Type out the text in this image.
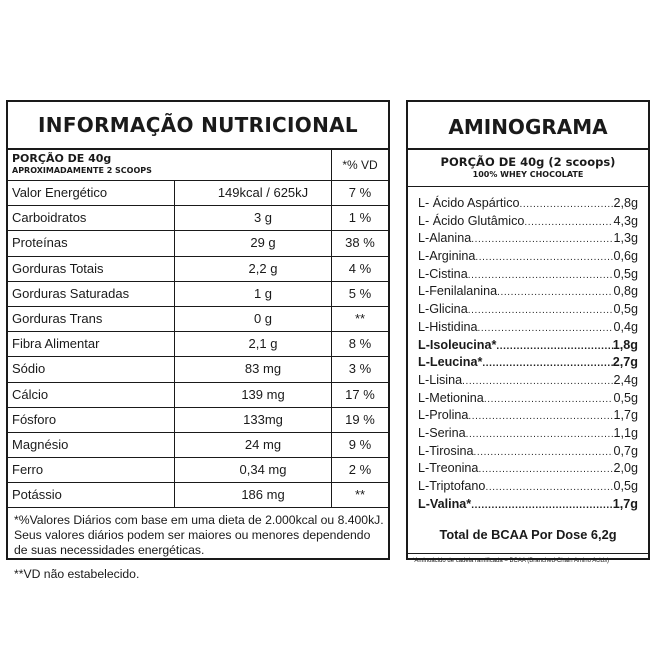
INFORMAÇÃO NUTRICIONAL
PORÇÃO DE 40g
APROXIMADAMENTE 2 SCOOPS	*% VD
Valor Energético	149kcal / 625kJ	7 %
Carboidratos	3 g	1 %
Proteínas	29 g	38 %
Gorduras Totais	2,2 g	4 %
Gorduras Saturadas	1 g	5 %
Gorduras Trans	0 g	**
Fibra Alimentar	2,1 g	8 %
Sódio	83 mg	3 %
Cálcio	139 mg	17 %
Fósforo	133mg	19 %
Magnésio	24 mg	9 %
Ferro	0,34 mg	2 %
Potássio	186 mg	**

*%Valores Diários com base em uma dieta de 2.000kcal ou 8.400kJ. Seus valores diários podem ser maiores ou menores dependendo de suas necessidades energéticas.

**VD não estabelecido.

AMINOGRAMA
PORÇÃO DE 40g (2 scoops)
100% WHEY CHOCOLATE
L- Ácido Aspártico .....	2,8g
L- Ácido Glutâmico .....	4,3g
L-Alanina .....	1,3g
L-Arginina .....	0,6g
L-Cistina .....	0,5g
L-Fenilalanina .....	0,8g
L-Glicina .....	0,5g
L-Histidina .....	0,4g
L-Isoleucina* .....	1,8g
L-Leucina* .....	2,7g
L-Lisina .....	2,4g
L-Metionina .....	0,5g
L-Prolina .....	1,7g
L-Serina .....	1,1g
L-Tirosina .....	0,7g
L-Treonina .....	2,0g
L-Triptofano .....	0,5g
L-Valina* .....	1,7g
Total de BCAA Por Dose 6,2g
*Aminoácido de cadeia ramificada = BCAA (Branched-Chain Amino Acids)
